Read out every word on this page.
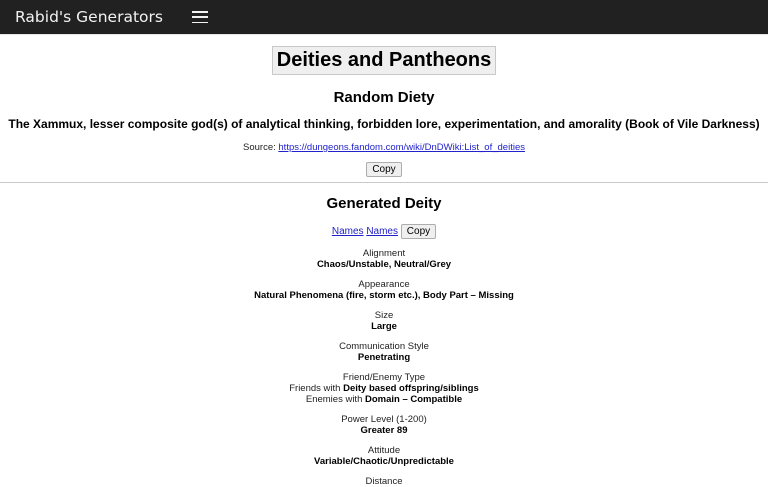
Rabid's Generators
Deities and Pantheons
Random Diety
The Xammux, lesser composite god(s) of analytical thinking, forbidden lore, experimentation, and amorality (Book of Vile Darkness)
Source: https://dungeons.fandom.com/wiki/DnDWiki:List_of_deities
Copy
Generated Deity
Names Names Copy
Alignment
Chaos/Unstable, Neutral/Grey
Appearance
Natural Phenomena (fire, storm etc.), Body Part – Missing
Size
Large
Communication Style
Penetrating
Friend/Enemy Type
Friends with Deity based offspring/siblings
Enemies with Domain – Compatible
Power Level (1-200)
Greater 89
Attitude
Variable/Chaotic/Unpredictable
Distance
